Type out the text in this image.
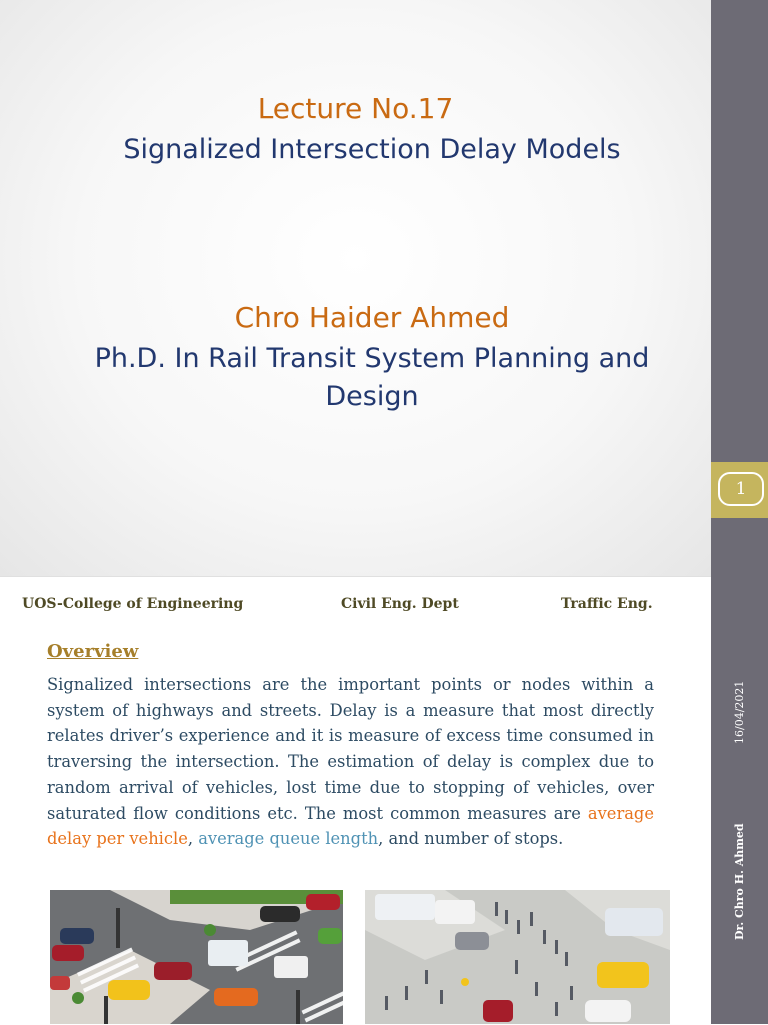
1
Lecture No.17
Signalized Intersection Delay Models
Chro Haider Ahmed
Ph.D. In Rail Transit System Planning and Design
UOS-College of Engineering	Civil Eng. Dept	Traffic Eng.
Overview
Signalized intersections are the important points or nodes within a system of highways and streets. Delay is a measure that most directly relates driver’s experience and it is measure of excess time consumed in traversing the intersection. The estimation of delay is complex due to random arrival of vehicles, lost time due to stopping of vehicles, over saturated flow conditions etc. The most common measures are average delay per vehicle, average queue length, and number of stops.
16/04/2021
Dr. Chro H. Ahmed
